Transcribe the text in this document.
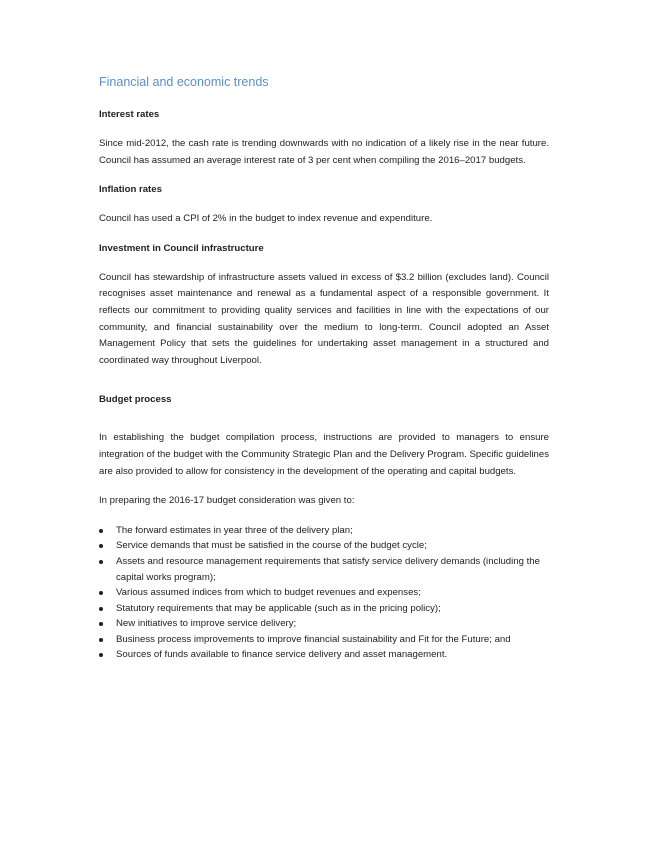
Financial and economic trends
Interest rates

Since mid-2012, the cash rate is trending downwards with no indication of a likely rise in the near future. Council has assumed an average interest rate of 3 per cent when compiling the 2016–2017 budgets.

Inflation rates

Council has used a CPI of 2% in the budget to index revenue and expenditure.

Investment in Council infrastructure

Council has stewardship of infrastructure assets valued in excess of $3.2 billion (excludes land). Council recognises asset maintenance and renewal as a fundamental aspect of a responsible government. It reflects our commitment to providing quality services and facilities in line with the expectations of our community, and financial sustainability over the medium to long-term. Council adopted an Asset Management Policy that sets the guidelines for undertaking asset management in a structured and coordinated way throughout Liverpool.

Budget process

In establishing the budget compilation process, instructions are provided to managers to ensure integration of the budget with the Community Strategic Plan and the Delivery Program. Specific guidelines are also provided to allow for consistency in the development of the operating and capital budgets.

In preparing the 2016-17 budget consideration was given to:

The forward estimates in year three of the delivery plan;
Service demands that must be satisfied in the course of the budget cycle;
Assets and resource management requirements that satisfy service delivery demands (including the capital works program);
Various assumed indices from which to budget revenues and expenses;
Statutory requirements that may be applicable (such as in the pricing policy);
New initiatives to improve service delivery;
Business process improvements to improve financial sustainability and Fit for the Future; and
Sources of funds available to finance service delivery and asset management.
